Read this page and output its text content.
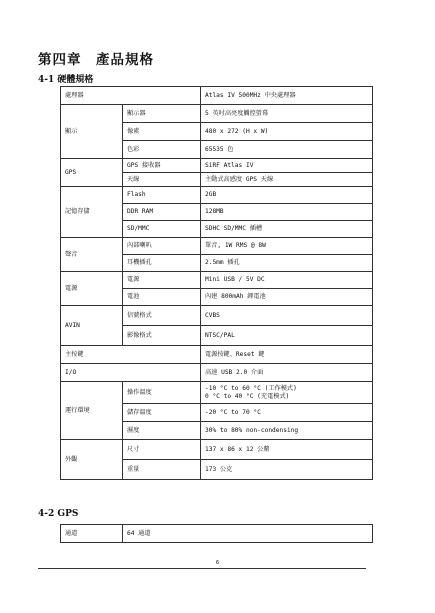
第四章　產品規格
4-1 硬體規格
處理器		Atlas IV 500MHz 中央處理器
顯示	顯示器	5 英吋高亮度觸控螢幕
	像素	480 x 272 (H x W)
	色彩	65535 色
GPS	GPS 接收器	SiRF Atlas IV
	天線	主動式高感度 GPS 天線
記憶存儲	Flash	2GB
	DDR RAM	128MB
	SD/MMC	SDHC SD/MMC 插槽
聲音	內部喇叭	單音, 1W RMS @ 8W
	耳機插孔	2.5mm 插孔
電源	電源	Mini USB / 5V DC
	電池	內建 800mAh 鋰電池
AVIN	信號格式	CVBS
	影像格式	NTSC/PAL
主按鍵		電源按鍵、Reset 鍵
I/O		高速 USB 2.0 介面
運行環境	操作溫度	-10 °C to 60 °C (工作模式)
0 °C to 40 °C (充電模式)

	儲存溫度	-20 °C to 70 °C
	濕度	30% to 80% non-condensing
外觀	尺寸	137 x 86 x 12 公釐
	重量	173 公克
4-2 GPS
通道	64 通道
6
